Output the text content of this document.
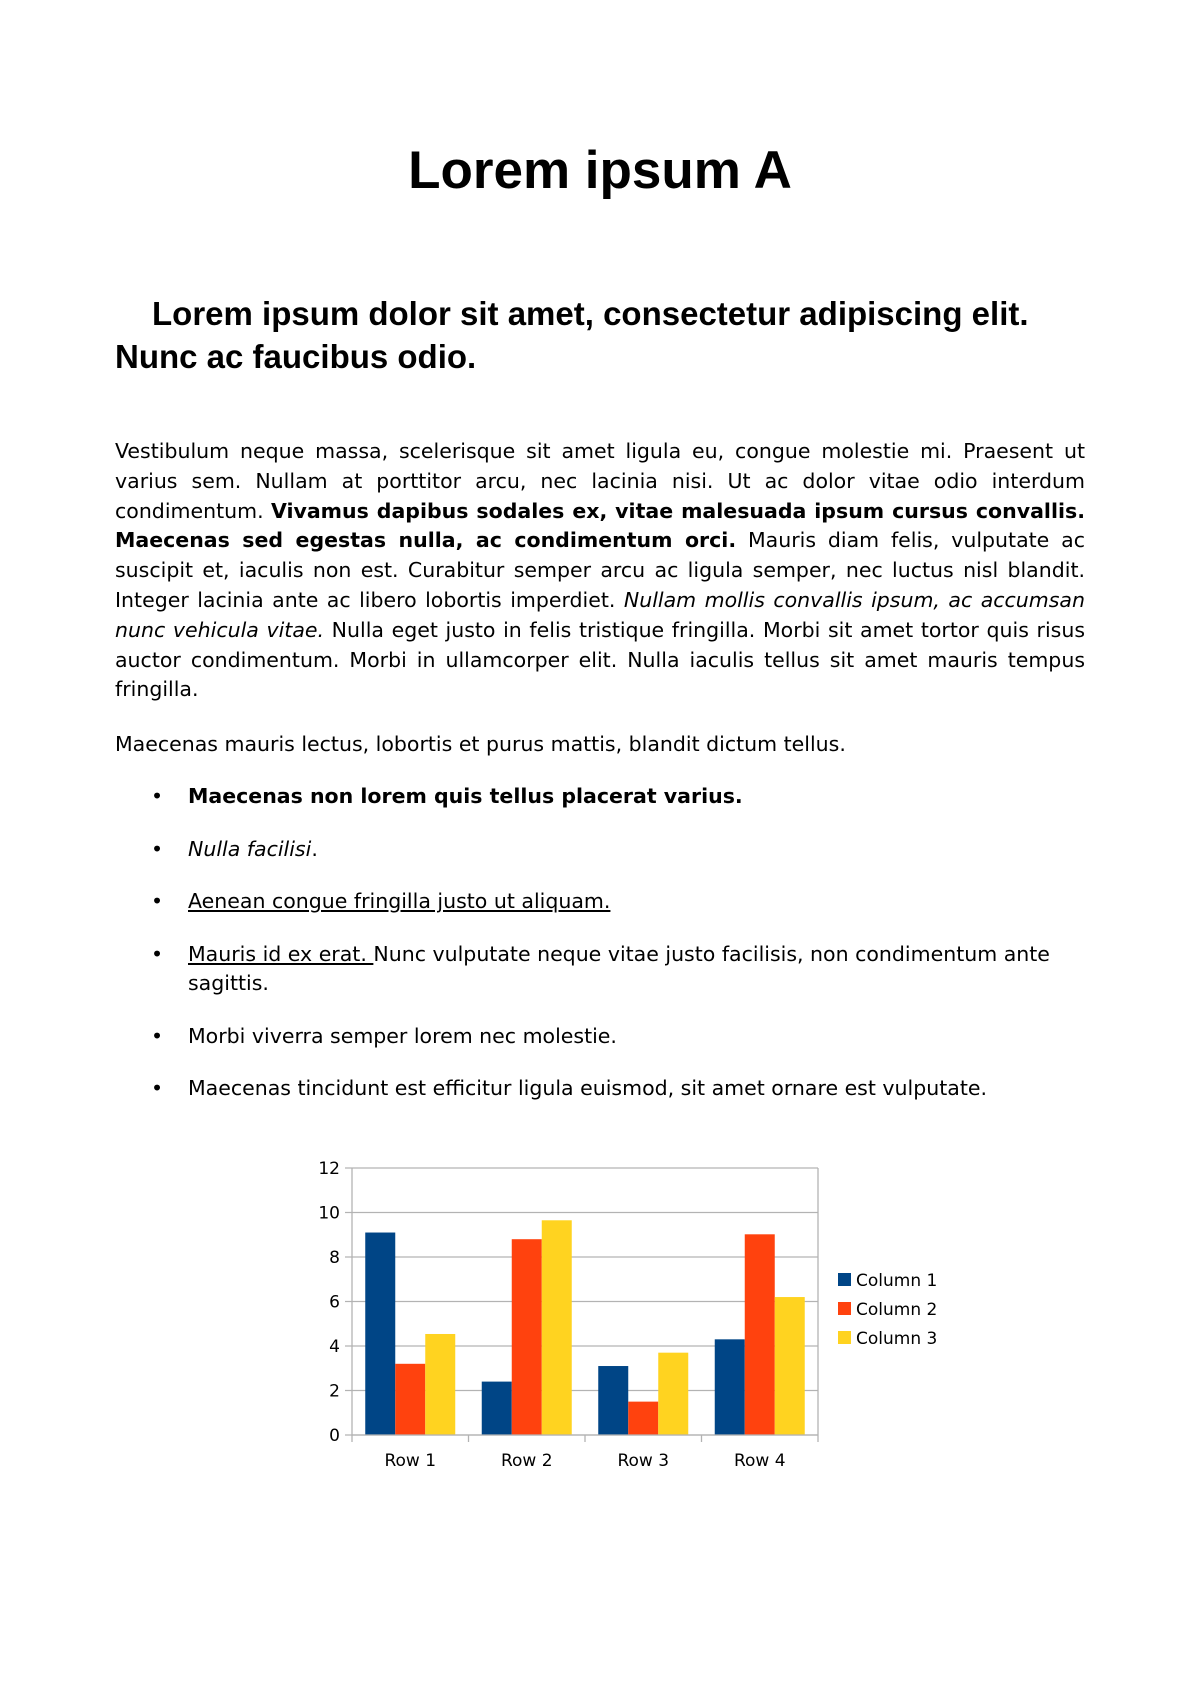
Lorem ipsum A
Lorem ipsum dolor sit amet, consectetur adipiscing elit. Nunc ac faucibus odio.

Vestibulum neque massa, scelerisque sit amet ligula eu, congue molestie mi. Praesent ut varius sem. Nullam at porttitor arcu, nec lacinia nisi. Ut ac dolor vitae odio interdum condimentum. Vivamus dapibus sodales ex, vitae malesuada ipsum cursus convallis. Maecenas sed egestas nulla, ac condimentum orci. Mauris diam felis, vulputate ac suscipit et, iaculis non est. Curabitur semper arcu ac ligula semper, nec luctus nisl blandit. Integer lacinia ante ac libero lobortis imperdiet. Nullam mollis convallis ipsum, ac accumsan nunc vehicula vitae. Nulla eget justo in felis tristique fringilla. Morbi sit amet tortor quis risus auctor condimentum. Morbi in ullamcorper elit. Nulla iaculis tellus sit amet mauris tempus fringilla.

Maecenas mauris lectus, lobortis et purus mattis, blandit dictum tellus.

• Maecenas non lorem quis tellus placerat varius.
• Nulla facilisi.
• Aenean congue fringilla justo ut aliquam.
• Mauris id ex erat. Nunc vulputate neque vitae justo facilisis, non condimentum ante sagittis.
• Morbi viverra semper lorem nec molestie.
• Maecenas tincidunt est efficitur ligula euismod, sit amet ornare est vulputate.
0
2
4
6
8
10
12
Row 1	Row 2	Row 3	Row 4
Column 1
Column 2
Column 3
